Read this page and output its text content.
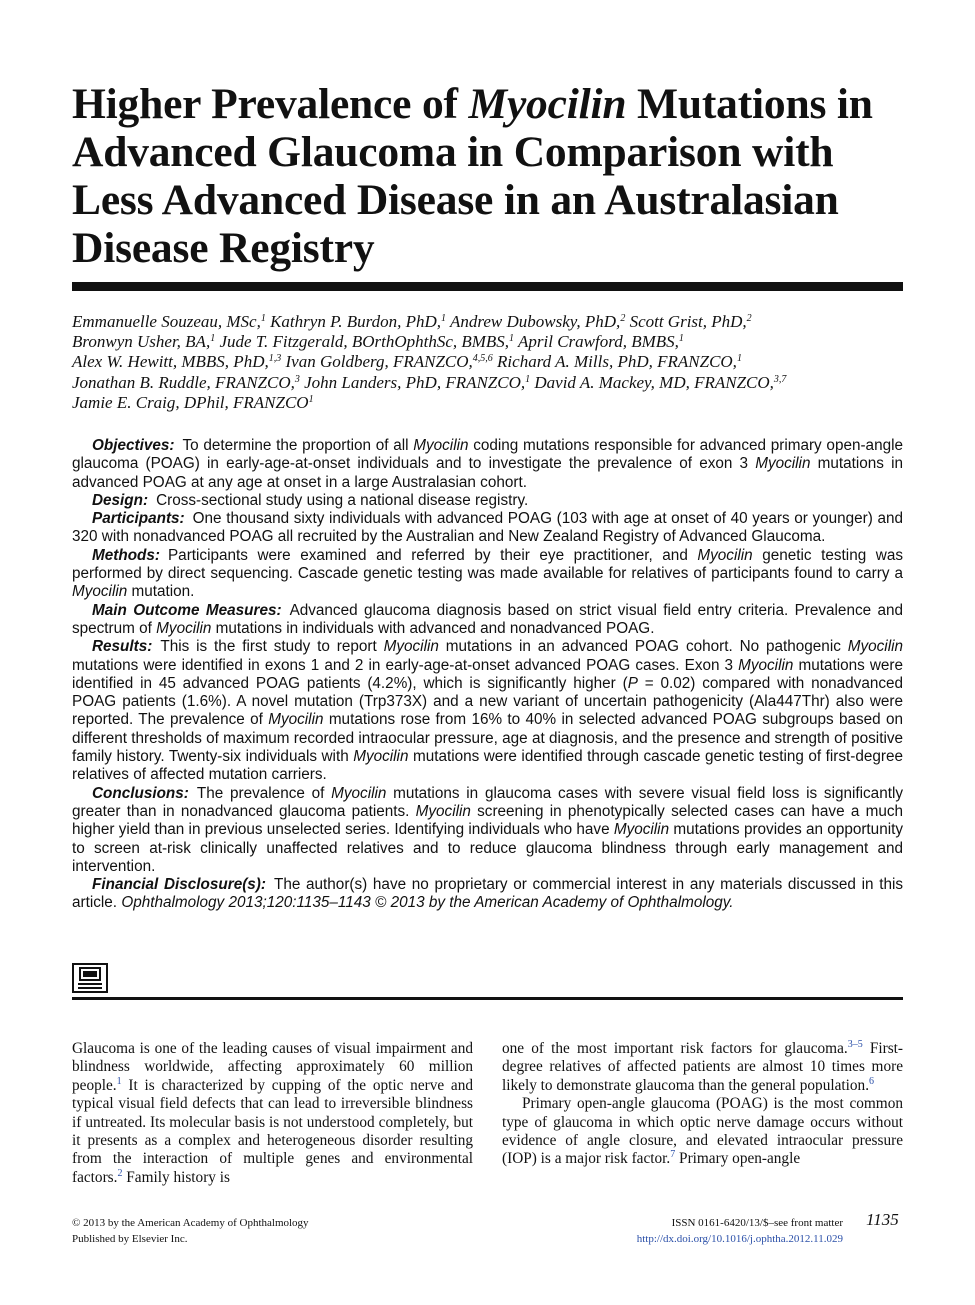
Higher Prevalence of Myocilin Mutations in Advanced Glaucoma in Comparison with Less Advanced Disease in an Australasian Disease Registry
Emmanuelle Souzeau, MSc,$^1$ Kathryn P. Burdon, PhD,$^1$ Andrew Dubowsky, PhD,$^2$ Scott Grist, PhD,$^2$
Bronwyn Usher, BA,$^1$ Jude T. Fitzgerald, BOrthOphthSc, BMBS,$^1$ April Crawford, BMBS,$^1$
Alex W. Hewitt, MBBS, PhD,$^{1,3}$ Ivan Goldberg, FRANZCO,$^{4,5,6}$ Richard A. Mills, PhD, FRANZCO,$^1$
Jonathan B. Ruddle, FRANZCO,$^3$ John Landers, PhD, FRANZCO,$^1$ David A. Mackey, MD, FRANZCO,$^{3,7}$
Jamie E. Craig, DPhil, FRANZCO$^1$

Objectives: To determine the proportion of all Myocilin coding mutations responsible for advanced primary open-angle glaucoma (POAG) in early-age-at-onset individuals and to investigate the prevalence of exon 3 Myocilin mutations in advanced POAG at any age at onset in a large Australasian cohort.

Design: Cross-sectional study using a national disease registry.

Participants: One thousand sixty individuals with advanced POAG (103 with age at onset of 40 years or younger) and 320 with nonadvanced POAG all recruited by the Australian and New Zealand Registry of Advanced Glaucoma.

Methods: Participants were examined and referred by their eye practitioner, and Myocilin genetic testing was performed by direct sequencing. Cascade genetic testing was made available for relatives of participants found to carry a Myocilin mutation.

Main Outcome Measures: Advanced glaucoma diagnosis based on strict visual field entry criteria. Prevalence and spectrum of Myocilin mutations in individuals with advanced and nonadvanced POAG.

Results: This is the first study to report Myocilin mutations in an advanced POAG cohort. No pathogenic Myocilin mutations were identified in exons 1 and 2 in early-age-at-onset advanced POAG cases. Exon 3 Myocilin mutations were identified in 45 advanced POAG patients (4.2%), which is significantly higher (P = 0.02) compared with nonadvanced POAG patients (1.6%). A novel mutation (Trp373X) and a new variant of uncertain pathogenicity (Ala447Thr) also were reported. The prevalence of Myocilin mutations rose from 16% to 40% in selected advanced POAG subgroups based on different thresholds of maximum recorded intraocular pressure, age at diagnosis, and the presence and strength of positive family history. Twenty-six individuals with Myocilin mutations were identified through cascade genetic testing of first-degree relatives of affected mutation carriers.

Conclusions: The prevalence of Myocilin mutations in glaucoma cases with severe visual field loss is significantly greater than in nonadvanced glaucoma patients. Myocilin screening in phenotypically selected cases can have a much higher yield than in previous unselected series. Identifying individuals who have Myocilin mutations provides an opportunity to screen at-risk clinically unaffected relatives and to reduce glaucoma blindness through early management and intervention.

Financial Disclosure(s): The author(s) have no proprietary or commercial interest in any materials discussed in this article. Ophthalmology 2013;120:1135–1143 © 2013 by the American Academy of Ophthalmology.

Glaucoma is one of the leading causes of visual impairment and blindness worldwide, affecting approximately 60 million people.$^1$ It is characterized by cupping of the optic nerve and typical visual field defects that can lead to irreversible blindness if untreated. Its molecular basis is not understood completely, but it presents as a complex and heterogeneous disorder resulting from the interaction of multiple genes and environmental factors.$^2$ Family history is

one of the most important risk factors for glaucoma.$^{3-5}$ First-degree relatives of affected patients are almost 10 times more likely to demonstrate glaucoma than the general population.$^6$

Primary open-angle glaucoma (POAG) is the most common type of glaucoma in which optic nerve damage occurs without evidence of angle closure, and elevated intraocular pressure (IOP) is a major risk factor.$^7$ Primary open-angle

© 2013 by the American Academy of Ophthalmology
Published by Elsevier Inc.
ISSN 0161-6420/13/$–see front matter
http://dx.doi.org/10.1016/j.ophtha.2012.11.029
1135
